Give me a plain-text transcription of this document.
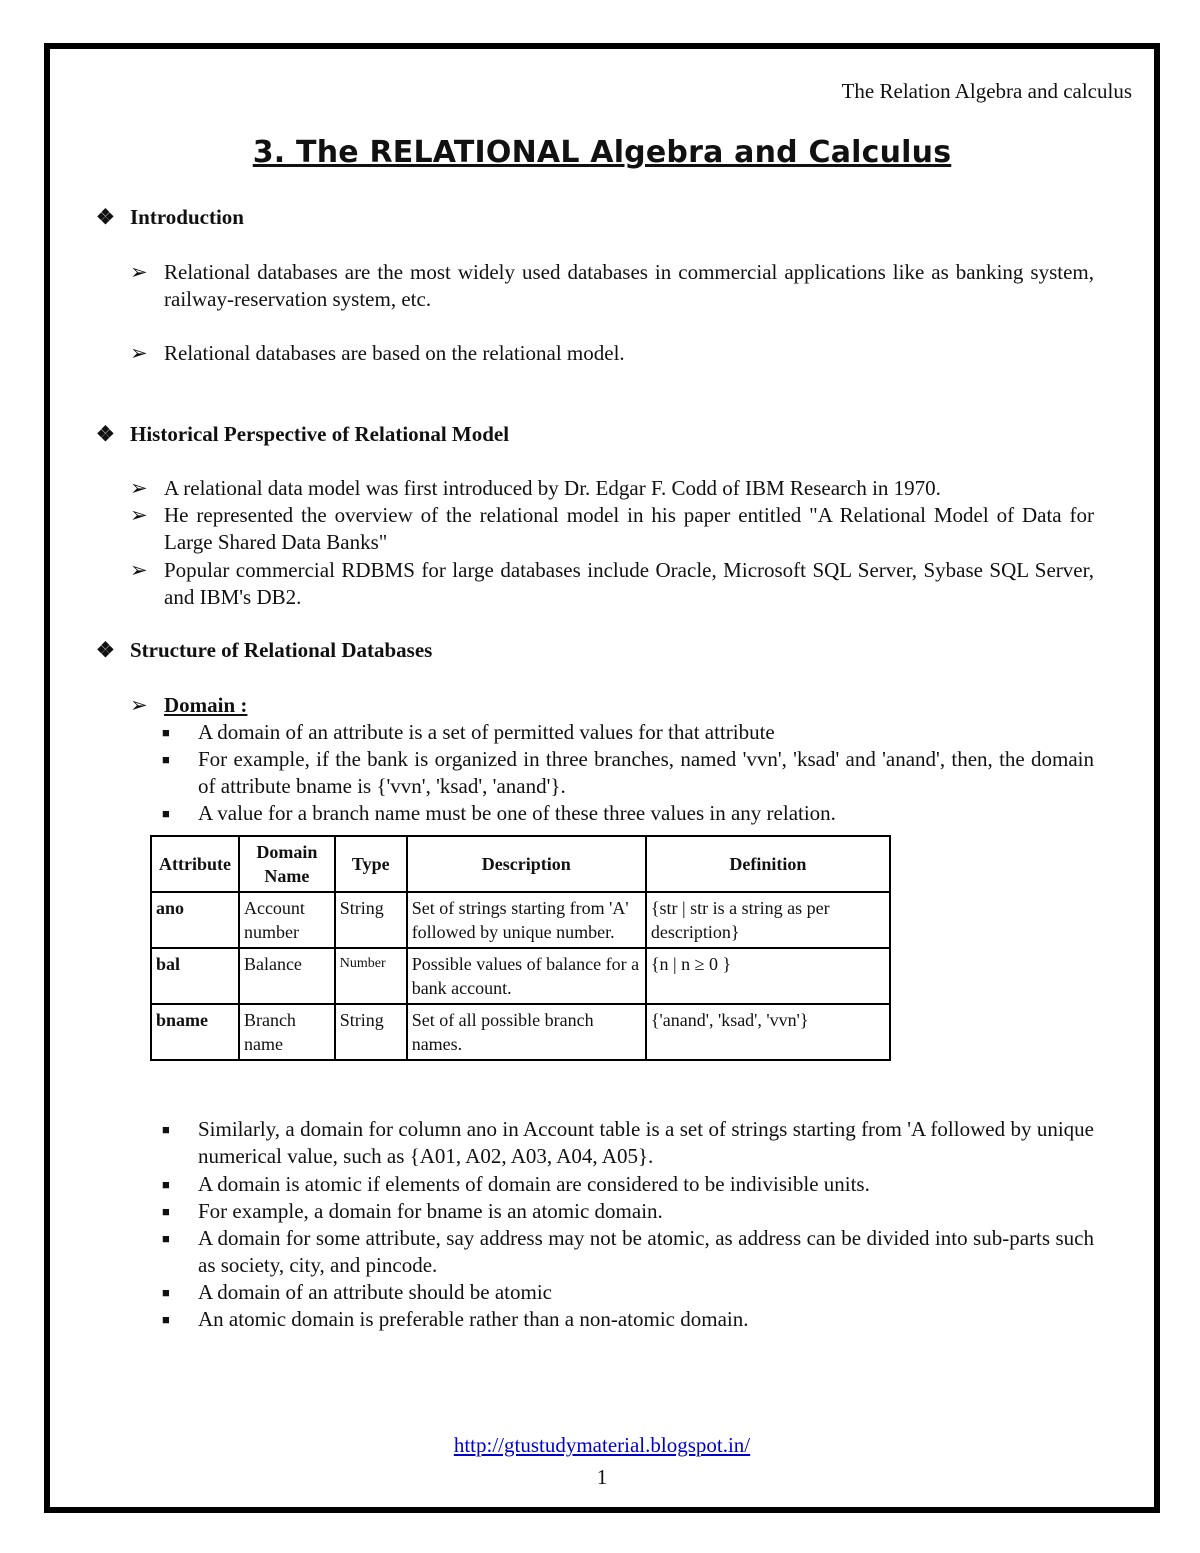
The Relation Algebra and calculus
3. The RELATIONAL Algebra and Calculus
❖ Introduction
➢ Relational databases are the most widely used databases in commercial applications like as banking system, railway-reservation system, etc.
➢ Relational databases are based on the relational model.
❖ Historical Perspective of Relational Model
➢ A relational data model was first introduced by Dr. Edgar F. Codd of IBM Research in 1970.
➢ He represented the overview of the relational model in his paper entitled "A Relational Model of Data for Large Shared Data Banks"
➢ Popular commercial RDBMS for large databases include Oracle, Microsoft SQL Server, Sybase SQL Server, and IBM's DB2.
❖ Structure of Relational Databases
➢ Domain :
■ A domain of an attribute is a set of permitted values for that attribute
■ For example, if the bank is organized in three branches, named 'vvn', 'ksad' and 'anand', then, the domain of attribute bname is {'vvn', 'ksad', 'anand'}.
■ A value for a branch name must be one of these three values in any relation.
Attribute	Domain Name	Type	Description	Definition
ano	Account number	String	Set of strings starting from 'A' followed by unique number.	{str | str is a string as per description}
bal	Balance	Number	Possible values of balance for a bank account.	{n | n ≥ 0 }
bname	Branch name	String	Set of all possible branch names.	{'anand', 'ksad', 'vvn'}
■ Similarly, a domain for column ano in Account table is a set of strings starting from 'A followed by unique numerical value, such as {A01, A02, A03, A04, A05}.
■ A domain is atomic if elements of domain are considered to be indivisible units.
■ For example, a domain for bname is an atomic domain.
■ A domain for some attribute, say address may not be atomic, as address can be divided into sub-parts such as society, city, and pincode.
■ A domain of an attribute should be atomic
■ An atomic domain is preferable rather than a non-atomic domain.
http://gtustudymaterial.blogspot.in/
1
